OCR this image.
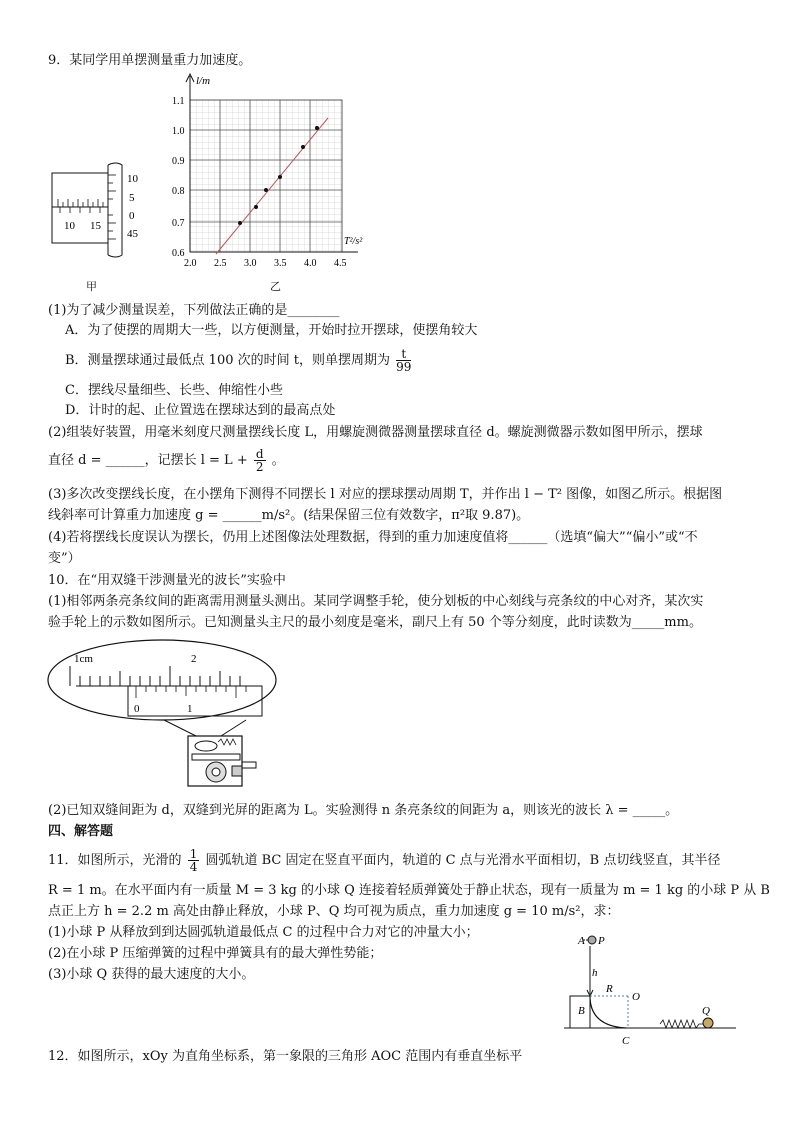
9．某同学用单摆测量重力加速度。
10 15
10
5
0
45
甲
l/m
T²/s²
1.1
1.0
0.9
0.8
0.7
0.6
2.0 2.5 3.0 3.5 4.0 4.5
乙
(1)为了减少测量误差，下列做法正确的是________
A．为了使摆的周期大一些，以方便测量，开始时拉开摆球，使摆角较大
B．测量摆球通过最低点 100 次的时间 t，则单摆周期为 $\frac{t}{99}$
C．摆线尽量细些、长些、伸缩性小些
D．计时的起、止位置选在摆球达到的最高点处
(2)组装好装置，用毫米刻度尺测量摆线长度 L，用螺旋测微器测量摆球直径 d。螺旋测微器示数如图甲所示，摆球
直径 d = ______，记摆长 $l = L + \frac{d}{2}$ 。
(3)多次改变摆线长度，在小摆角下测得不同摆长 l 对应的摆球摆动周期 T，并作出 l − T² 图像，如图乙所示。根据图
线斜率可计算重力加速度 g = ______m/s²。(结果保留三位有效数字，π²取 9.87)。
(4)若将摆线长度误认为摆长，仍用上述图像法处理数据，得到的重力加速度值将______（选填“偏大”“偏小”或“不
变”）
10．在“用双缝干涉测量光的波长”实验中
(1)相邻两条亮条纹间的距离需用测量头测出。某同学调整手轮，使分划板的中心刻线与亮条纹的中心对齐，某次实
验手轮上的示数如图所示。已知测量头主尺的最小刻度是毫米，副尺上有 50 个等分刻度，此时读数为_____mm。
1cm	2
0	1
(2)已知双缝间距为 d，双缝到光屏的距离为 L。实验测得 n 条亮条纹的间距为 a，则该光的波长 λ = _____。
四、解答题
11．如图所示，光滑的 $\frac{1}{4}$ 圆弧轨道 BC 固定在竖直平面内，轨道的 C 点与光滑水平面相切，B 点切线竖直，其半径
R = 1 m。在水平面内有一质量 M = 3 kg 的小球 Q 连接着轻质弹簧处于静止状态，现有一质量为 m = 1 kg 的小球 P 从 B
点正上方 h = 2.2 m 高处由静止释放，小球 P、Q 均可视为质点，重力加速度 g = 10 m/s²，求：
(1)小球 P 从释放到到达圆弧轨道最低点 C 的过程中合力对它的冲量大小；
(2)在小球 P 压缩弹簧的过程中弹簧具有的最大弹性势能；
(3)小球 Q 获得的最大速度的大小。
A P
h
R
O
B
C
Q
12．如图所示，xOy 为直角坐标系，第一象限的三角形 AOC 范围内有垂直坐标平
